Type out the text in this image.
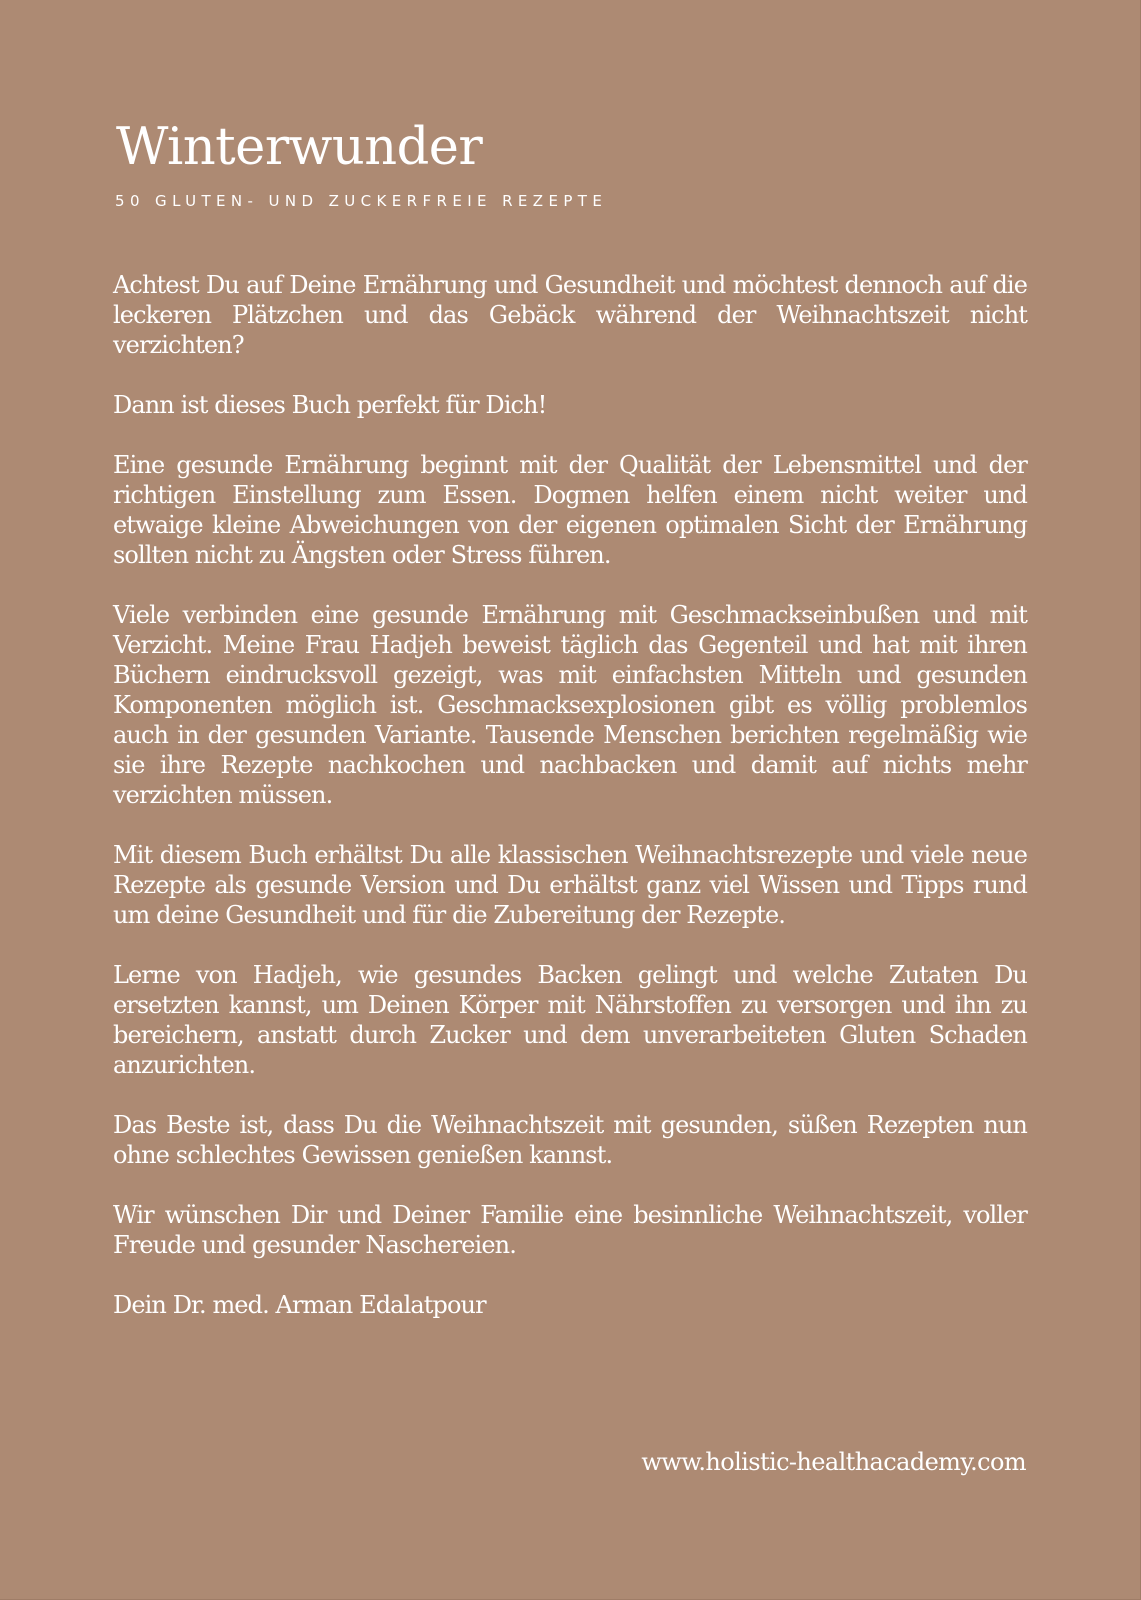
Winterwunder
50 GLUTEN- UND ZUCKERFREIE REZEPTE

Achtest Du auf Deine Ernährung und Gesundheit und möchtest dennoch auf die leckeren Plätzchen und das Gebäck während der Weihnachtszeit nicht verzichten?

Dann ist dieses Buch perfekt für Dich!

Eine gesunde Ernährung beginnt mit der Qualität der Lebensmittel und der richtigen Einstellung zum Essen. Dogmen helfen einem nicht weiter und etwaige kleine Abweichungen von der eigenen optimalen Sicht der Ernährung sollten nicht zu Ängsten oder Stress führen.

Viele verbinden eine gesunde Ernährung mit Geschmackseinbußen und mit Verzicht. Meine Frau Hadjeh beweist täglich das Gegenteil und hat mit ihren Büchern eindrucksvoll gezeigt, was mit einfachsten Mitteln und gesunden Komponenten möglich ist. Geschmacksexplosionen gibt es völlig problemlos auch in der gesunden Variante. Tausende Menschen berichten regelmäßig wie sie ihre Rezepte nachkochen und nachbacken und damit auf nichts mehr verzichten müssen.

Mit diesem Buch erhältst Du alle klassischen Weihnachtsrezepte und viele neue Rezepte als gesunde Version und Du erhältst ganz viel Wissen und Tipps rund um deine Gesundheit und für die Zubereitung der Rezepte.

Lerne von Hadjeh, wie gesundes Backen gelingt und welche Zutaten Du ersetzten kannst, um Deinen Körper mit Nährstoffen zu versorgen und ihn zu bereichern, anstatt durch Zucker und dem unverarbeiteten Gluten Schaden anzurichten.

Das Beste ist, dass Du die Weihnachtszeit mit gesunden, süßen Rezepten nun ohne schlechtes Gewissen genießen kannst.

Wir wünschen Dir und Deiner Familie eine besinnliche Weihnachtszeit, voller Freude und gesunder Naschereien.

Dein Dr. med. Arman Edalatpour

www.holistic-healthacademy.com
